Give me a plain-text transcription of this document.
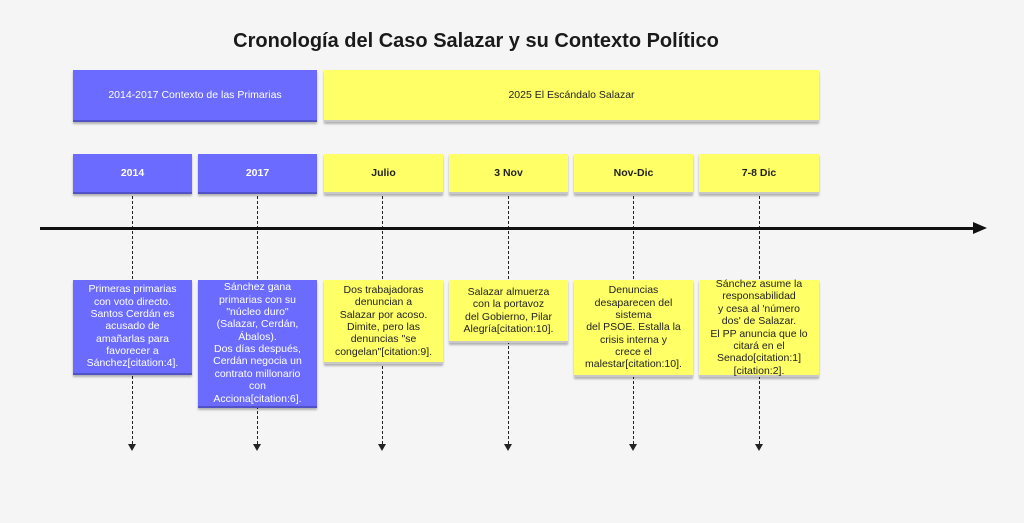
Cronología del Caso Salazar y su Contexto Político
2014-2017 Contexto de las Primarias	2025 El Escándalo Salazar
2014	2017	Julio	3 Nov	Nov-Dic	7-8 Dic
Primeras primarias
con voto directo.
Santos Cerdán es
acusado de
amañarlas para
favorecer a
Sánchez[citation:4].
Sánchez gana
primarias con su
"núcleo duro"
(Salazar, Cerdán,
Ábalos).
Dos días después,
Cerdán negocia un
contrato millonario
con
Acciona[citation:6].
Dos trabajadoras
denuncian a
Salazar por acoso.
Dimite, pero las
denuncias "se
congelan"[citation:9].
Salazar almuerza
con la portavoz
del Gobierno, Pilar
Alegría[citation:10].
Denuncias
desaparecen del
sistema
del PSOE. Estalla la
crisis interna y
crece el
malestar[citation:10].
Sánchez asume la
responsabilidad
y cesa al 'número
dos' de Salazar.
El PP anuncia que lo
citará en el
Senado[citation:1][citation:2].
